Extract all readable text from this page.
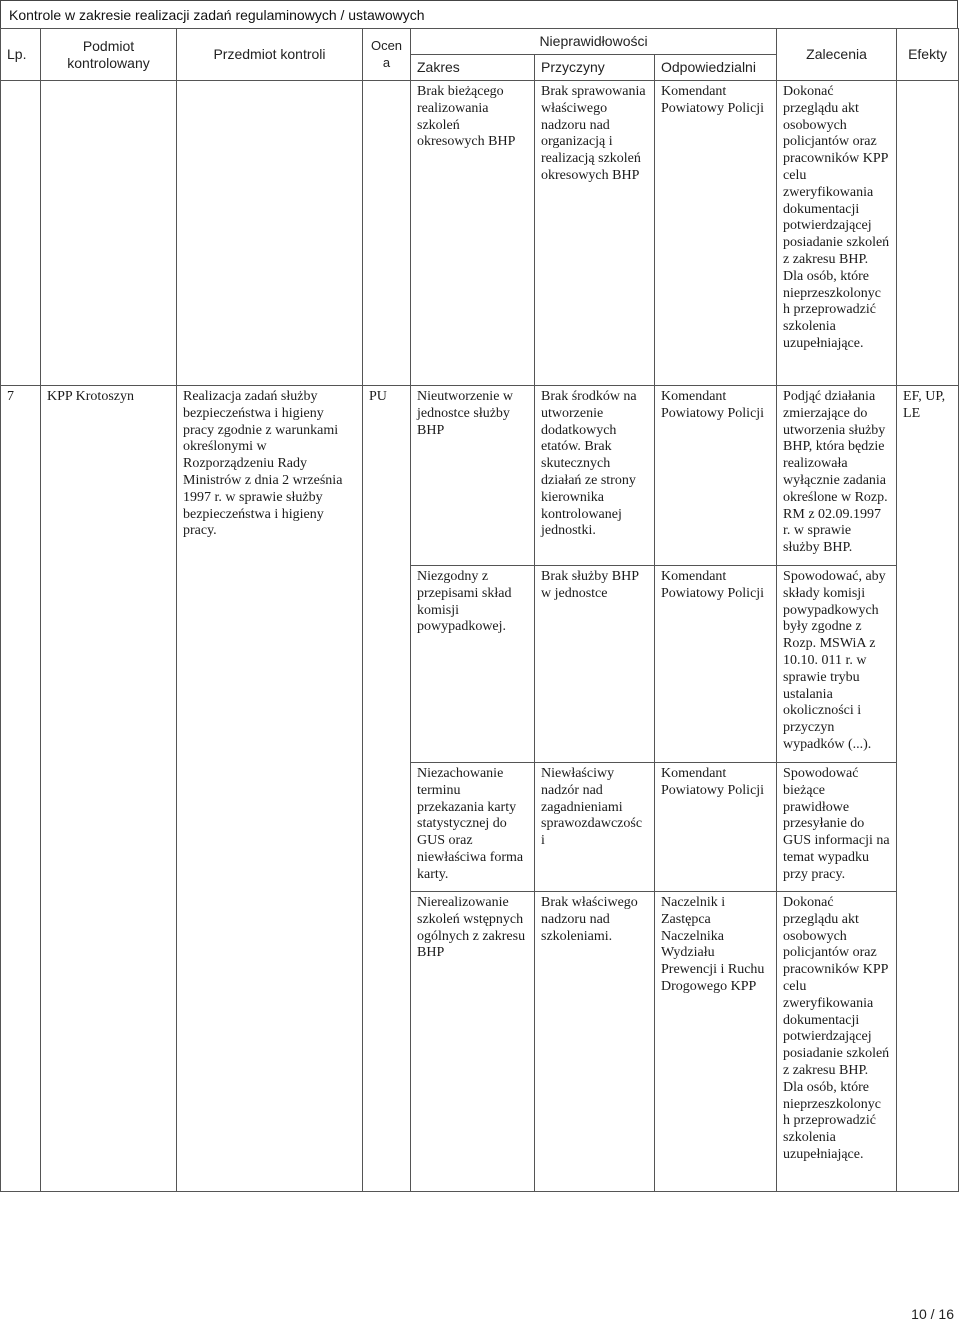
Kontrole w zakresie realizacji zadań regulaminowych / ustawowych
Lp.	Podmiot kontrolowany	Przedmiot kontroli	Ocena	Nieprawidłowości			Zalecenia	Efekty
				Zakres	Przyczyny	Odpowiedzialni		
				Brak bieżącego realizowania szkoleń okresowych BHP	Brak sprawowania właściwego nadzoru nad organizacją i realizacją szkoleń okresowych BHP	Komendant Powiatowy Policji	Dokonać przeglądu akt osobowych policjantów oraz pracowników KPP celu zweryfikowania dokumentacji potwierdzającej posiadanie szkoleń z zakresu BHP. Dla osób, które nieprzeszkolonyc h przeprowadzić szkolenia uzupełniające.	
7	KPP Krotoszyn	Realizacja zadań służby bezpieczeństwa i higieny pracy zgodnie z warunkami określonymi w Rozporządzeniu Rady Ministrów z dnia 2 września 1997 r. w sprawie służby bezpieczeństwa i higieny pracy.	PU	Nieutworzenie w jednostce służby BHP	Brak środków na utworzenie dodatkowych etatów. Brak skutecznych działań ze strony kierownika kontrolowanej jednostki.	Komendant Powiatowy Policji	Podjąć działania zmierzające do utworzenia służby BHP, która będzie realizowała wyłącznie zadania określone w Rozp. RM z 02.09.1997 r. w sprawie służby BHP.	EF, UP, LE
				Niezgodny z przepisami skład komisji powypadkowej.	Brak służby BHP w jednostce	Komendant Powiatowy Policji	Spowodować, aby składy komisji powypadkowych były zgodne z Rozp. MSWiA z 10.10. 011 r. w sprawie trybu ustalania okoliczności i przyczyn wypadków (...).	
				Niezachowanie terminu przekazania karty statystycznej do GUS oraz niewłaściwa forma karty.	Niewłaściwy nadzór nad zagadnieniami sprawozdawczośc i	Komendant Powiatowy Policji	Spowodować bieżące prawidłowe przesyłanie do GUS informacji na temat wypadku przy pracy.	
				Nierealizowanie szkoleń wstępnych ogólnych z zakresu BHP	Brak właściwego nadzoru nad szkoleniami.	Naczelnik i Zastępca Naczelnika Wydziału Prewencji i Ruchu Drogowego KPP	Dokonać przeglądu akt osobowych policjantów oraz pracowników KPP celu zweryfikowania dokumentacji potwierdzającej posiadanie szkoleń z zakresu BHP. Dla osób, które nieprzeszkolonyc h przeprowadzić szkolenia uzupełniające.	
10 / 16
